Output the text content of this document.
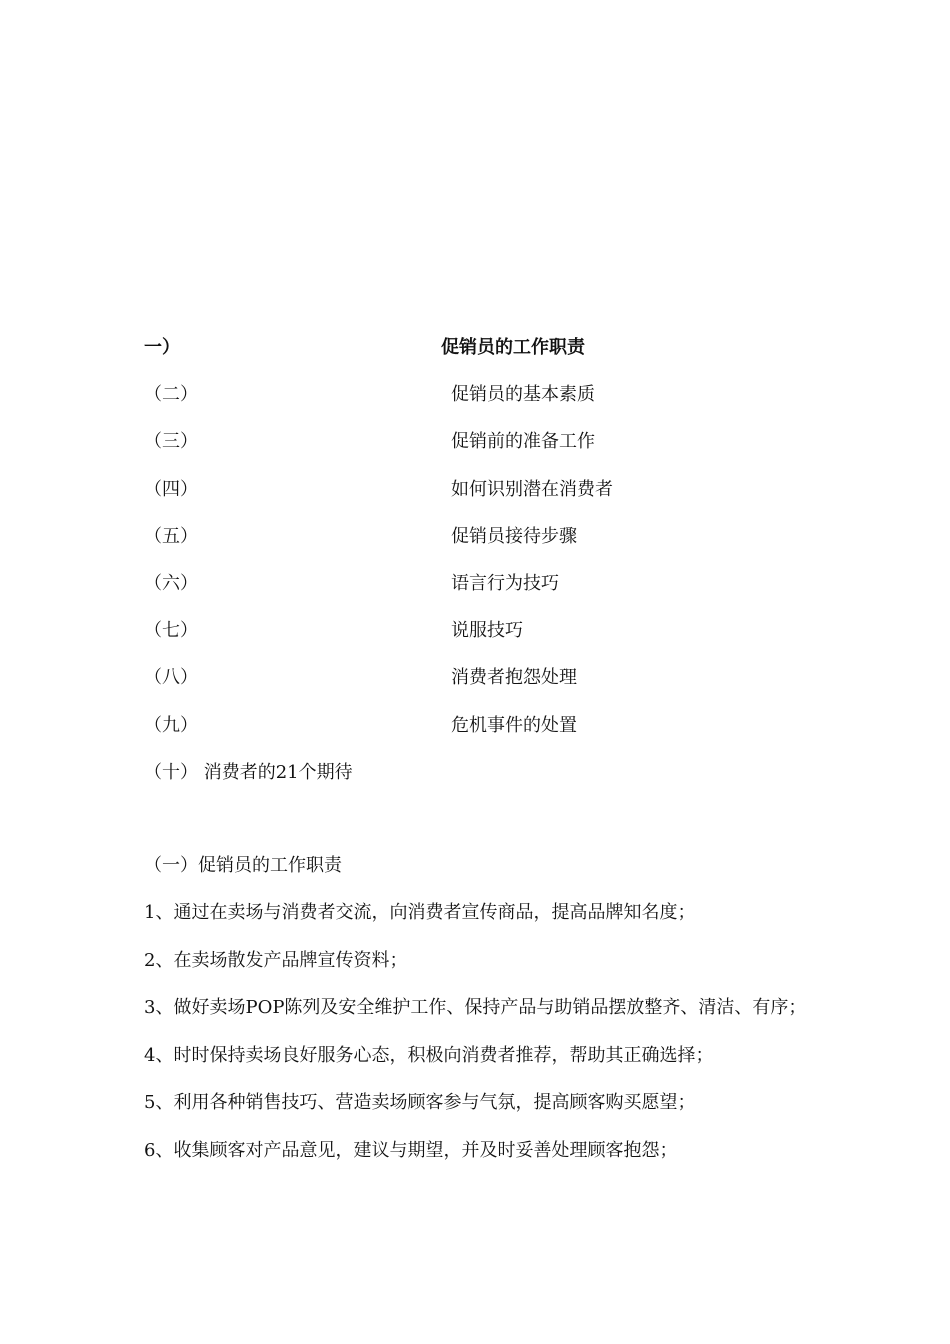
一）	促销员的工作职责
（二）	促销员的基本素质
（三）	促销前的准备工作
（四）	如何识别潜在消费者
（五）	促销员接待步骤
（六）	语言行为技巧
（七）	说服技巧
（八）	消费者抱怨处理
（九）	危机事件的处置
（十） 消费者的21个期待
（一）促销员的工作职责

1、通过在卖场与消费者交流，向消费者宣传商品，提高品牌知名度；

2、在卖场散发产品牌宣传资料；

3、做好卖场POP陈列及安全维护工作、保持产品与助销品摆放整齐、清洁、有序；

4、时时保持卖场良好服务心态，积极向消费者推荐，帮助其正确选择；

5、利用各种销售技巧、营造卖场顾客参与气氛，提高顾客购买愿望；

6、收集顾客对产品意见，建议与期望，并及时妥善处理顾客抱怨；
